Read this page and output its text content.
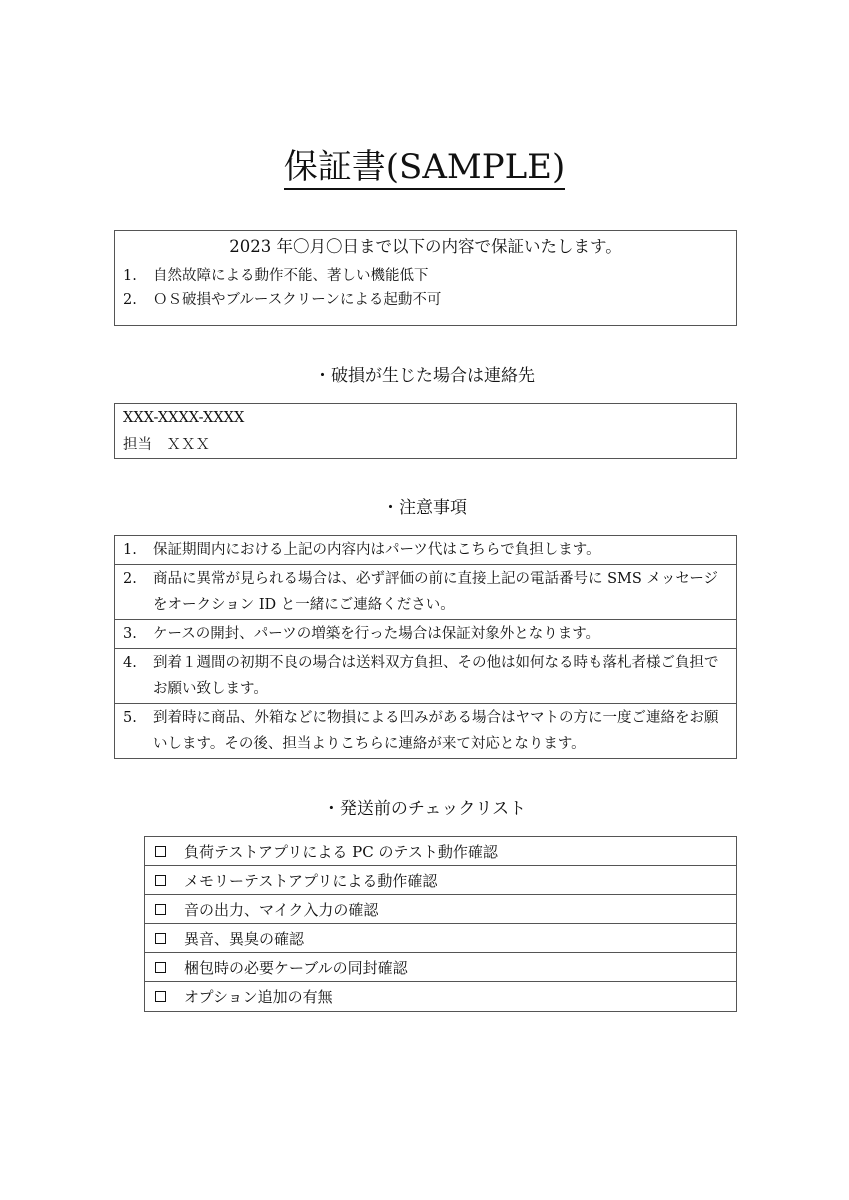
保証書(SAMPLE)
2023 年〇月〇日まで以下の内容で保証いたします。
1.	自然故障による動作不能、著しい機能低下
2.	ＯＳ破損やブルースクリーンによる起動不可
・破損が生じた場合は連絡先
XXX-XXXX-XXXX
担当　ＸＸＸ
・注意事項
1.	保証期間内における上記の内容内はパーツ代はこちらで負担します。
2.	商品に異常が見られる場合は、必ず評価の前に直接上記の電話番号に SMS メッセージをオークション ID と一緒にご連絡ください。
3.	ケースの開封、パーツの増築を行った場合は保証対象外となります。
4.	到着１週間の初期不良の場合は送料双方負担、その他は如何なる時も落札者様ご負担でお願い致します。
5.	到着時に商品、外箱などに物損による凹みがある場合はヤマトの方に一度ご連絡をお願いします。その後、担当よりこちらに連絡が来て対応となります。
・発送前のチェックリスト
負荷テストアプリによる PC のテスト動作確認
メモリーテストアプリによる動作確認
音の出力、マイク入力の確認
異音、異臭の確認
梱包時の必要ケーブルの同封確認
オプション追加の有無
